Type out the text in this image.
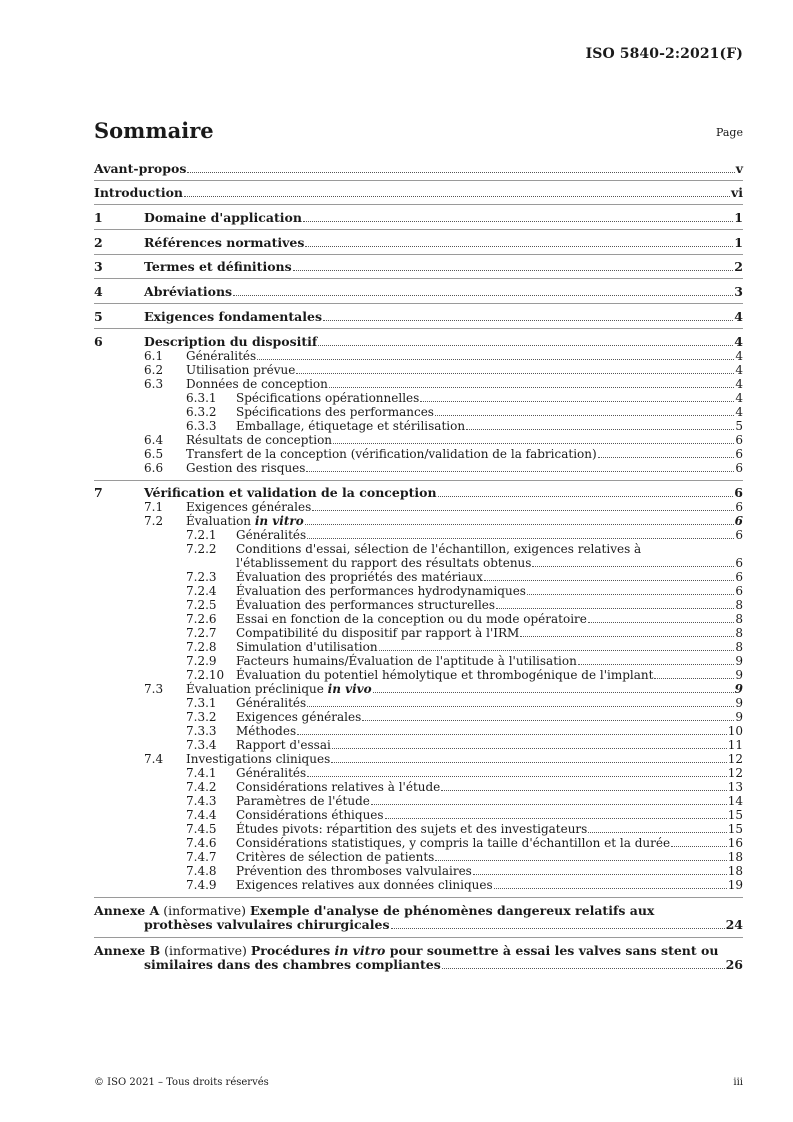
ISO 5840-2:2021(F)
Sommaire	Page
Avant-propos	v
Introduction	vi
1	Domaine d'application	1
2	Références normatives	1
3	Termes et définitions	2
4	Abréviations	3
5	Exigences fondamentales	4
6	Description du dispositif	4
6.1	Généralités	4
6.2	Utilisation prévue	4
6.3	Données de conception	4
6.3.1	Spécifications opérationnelles	4
6.3.2	Spécifications des performances	4
6.3.3	Emballage, étiquetage et stérilisation	5
6.4	Résultats de conception	6
6.5	Transfert de la conception (vérification/validation de la fabrication)	6
6.6	Gestion des risques	6
7	Vérification et validation de la conception	6
7.1	Exigences générales	6
7.2	Évaluation in vitro	6
7.2.1	Généralités	6
7.2.2	Conditions d'essai, sélection de l'échantillon, exigences relatives à
l'établissement du rapport des résultats obtenus	6
7.2.3	Évaluation des propriétés des matériaux	6
7.2.4	Évaluation des performances hydrodynamiques	6
7.2.5	Évaluation des performances structurelles	8
7.2.6	Essai en fonction de la conception ou du mode opératoire	8
7.2.7	Compatibilité du dispositif par rapport à l'IRM	8
7.2.8	Simulation d'utilisation	8
7.2.9	Facteurs humains/Évaluation de l'aptitude à l'utilisation	9
7.2.10 Évaluation du potentiel hémolytique et thrombogénique de l'implant	9
7.3	Évaluation préclinique in vivo	9
7.3.1	Généralités	9
7.3.2	Exigences générales	9
7.3.3	Méthodes	10
7.3.4	Rapport d'essai	11
7.4	Investigations cliniques	12
7.4.1	Généralités	12
7.4.2	Considérations relatives à l'étude	13
7.4.3	Paramètres de l'étude	14
7.4.4	Considérations éthiques	15
7.4.5	Études pivots: répartition des sujets et des investigateurs	15
7.4.6	Considérations statistiques, y compris la taille d'échantillon et la durée	16
7.4.7	Critères de sélection de patients	18
7.4.8	Prévention des thromboses valvulaires	18
7.4.9	Exigences relatives aux données cliniques	19
Annexe A (informative) Exemple d'analyse de phénomènes dangereux relatifs aux
prothèses valvulaires chirurgicales	24
Annexe B (informative) Procédures in vitro pour soumettre à essai les valves sans stent ou
similaires dans des chambres compliantes	26
© ISO 2021 – Tous droits réservés	iii
